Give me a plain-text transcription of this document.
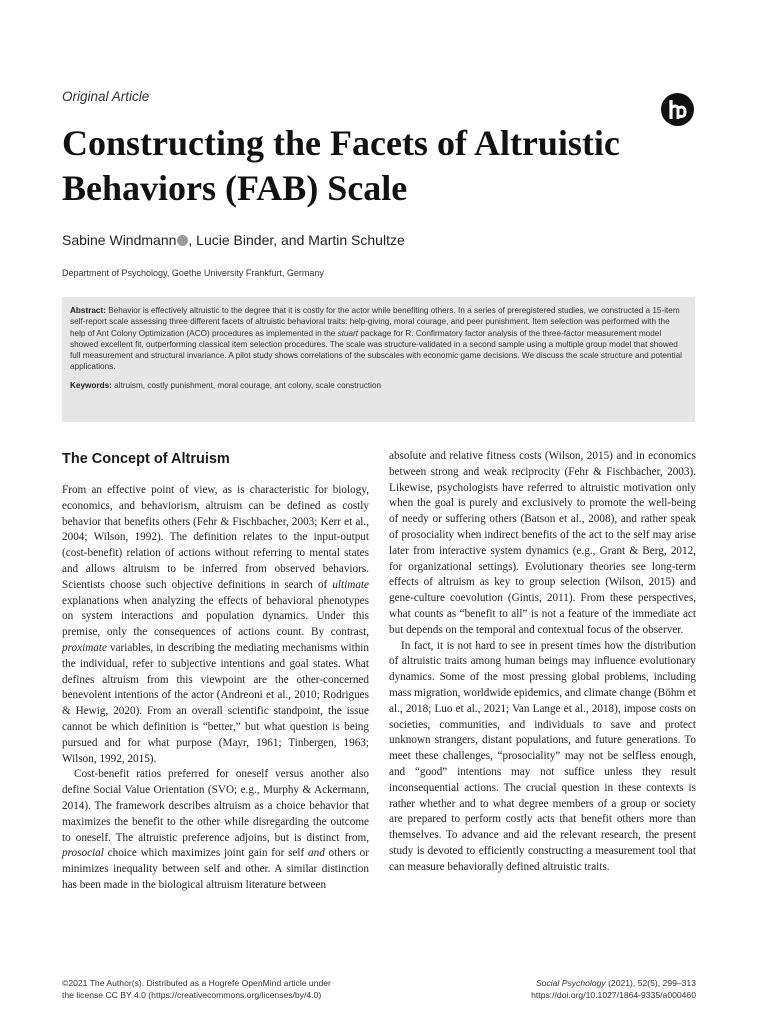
Original Article
Constructing the Facets of Altruistic Behaviors (FAB) Scale
Sabine Windmann , Lucie Binder, and Martin Schultze
Department of Psychology, Goethe University Frankfurt, Germany

Abstract: Behavior is effectively altruistic to the degree that it is costly for the actor while benefiting others. In a series of preregistered studies, we constructed a 15-item self-report scale assessing three different facets of altruistic behavioral traits: help-giving, moral courage, and peer punishment. Item selection was performed with the help of Ant Colony Optimization (ACO) procedures as implemented in the stuart package for R. Confirmatory factor analysis of the three-factor measurement model showed excellent fit, outperforming classical item selection procedures. The scale was structure-validated in a second sample using a multiple group model that showed full measurement and structural invariance. A pilot study shows correlations of the subscales with economic game decisions. We discuss the scale structure and potential applications.

Keywords: altruism, costly punishment, moral courage, ant colony, scale construction

The Concept of Altruism

From an effective point of view, as is characteristic for biology, economics, and behaviorism, altruism can be defined as costly behavior that benefits others (Fehr & Fischbacher, 2003; Kerr et al., 2004; Wilson, 1992). The definition relates to the input-output (cost-benefit) relation of actions without referring to mental states and allows altruism to be inferred from observed behaviors. Scientists choose such objective definitions in search of ultimate explanations when analyzing the effects of behavioral phenotypes on system interactions and population dynamics. Under this premise, only the consequences of actions count. By contrast, proximate variables, in describing the mediating mechanisms within the individual, refer to subjective intentions and goal states. What defines altruism from this viewpoint are the other-concerned benevolent intentions of the actor (Andreoni et al., 2010; Rodrigues & Hewig, 2020). From an overall scientific standpoint, the issue cannot be which definition is “better,” but what question is being pursued and for what purpose (Mayr, 1961; Tinbergen, 1963; Wilson, 1992, 2015).

Cost-benefit ratios preferred for oneself versus another also define Social Value Orientation (SVO; e.g., Murphy & Ackermann, 2014). The framework describes altruism as a choice behavior that maximizes the benefit to the other while disregarding the outcome to oneself. The altruistic preference adjoins, but is distinct from, prosocial choice which maximizes joint gain for self and others or minimizes inequality between self and other. A similar distinction has been made in the biological altruism literature between

absolute and relative fitness costs (Wilson, 2015) and in economics between strong and weak reciprocity (Fehr & Fischbacher, 2003). Likewise, psychologists have referred to altruistic motivation only when the goal is purely and exclusively to promote the well-being of needy or suffering others (Batson et al., 2008), and rather speak of prosociality when indirect benefits of the act to the self may arise later from interactive system dynamics (e.g., Grant & Berg, 2012, for organizational settings). Evolutionary theories see long-term effects of altruism as key to group selection (Wilson, 2015) and gene-culture coevolution (Gintis, 2011). From these perspectives, what counts as “benefit to all” is not a feature of the immediate act but depends on the temporal and contextual focus of the observer.

In fact, it is not hard to see in present times how the distribution of altruistic traits among human beings may influence evolutionary dynamics. Some of the most pressing global problems, including mass migration, worldwide epidemics, and climate change (Böhm et al., 2018; Luo et al., 2021; Van Lange et al., 2018), impose costs on societies, communities, and individuals to save and protect unknown strangers, distant populations, and future generations. To meet these challenges, “prosociality” may not be selfless enough, and “good” intentions may not suffice unless they result inconsequential actions. The crucial question in these contexts is rather whether and to what degree members of a group or society are prepared to perform costly acts that benefit others more than themselves. To advance and aid the relevant research, the present study is devoted to efficiently constructing a measurement tool that can measure behaviorally defined altruistic traits.

©2021 The Author(s). Distributed as a Hogrefe OpenMind article under
the license CC BY 4.0 (https://creativecommons.org/licenses/by/4.0)
Social Psychology (2021), 52(5), 299–313
https://doi.org/10.1027/1864-9335/a000460
